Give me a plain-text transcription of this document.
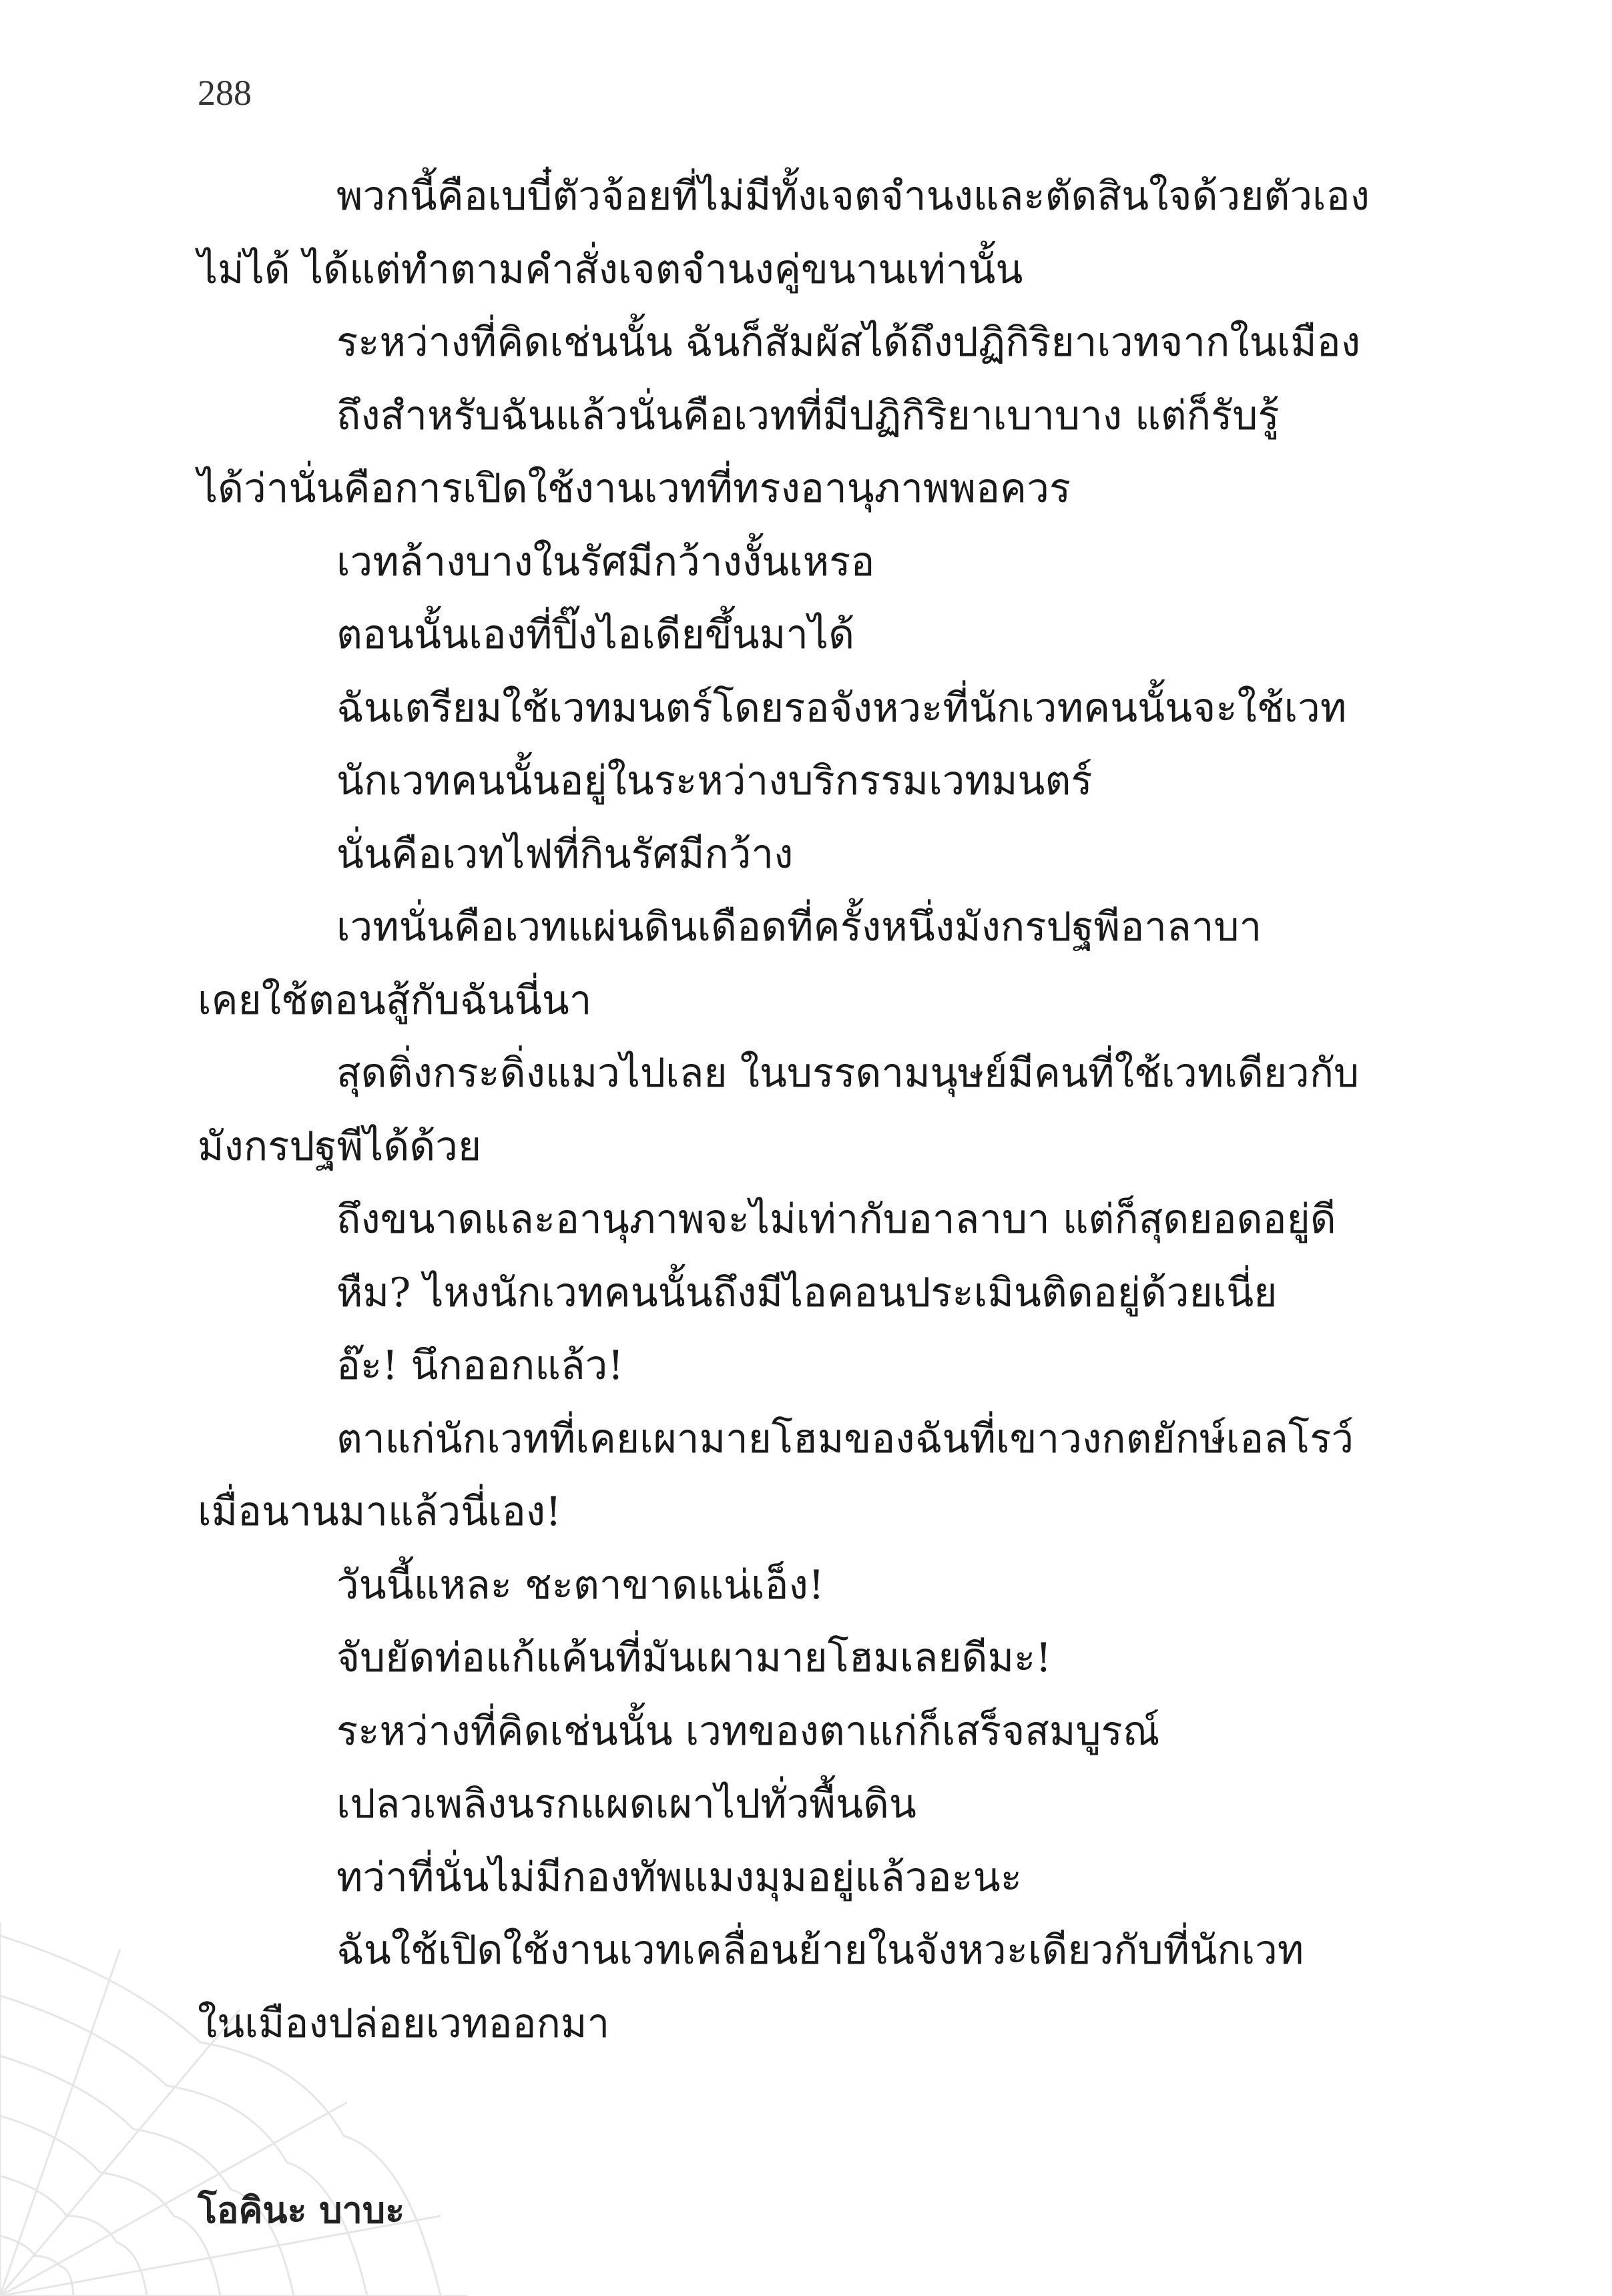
288
พวกนี้คือเบบี๋ตัวจ้อยที่ไม่มีทั้งเจตจำนงและตัดสินใจด้วยตัวเอง
ไม่ได้ ได้แต่ทำตามคำสั่งเจตจำนงคู่ขนานเท่านั้น
ระหว่างที่คิดเช่นนั้น ฉันก็สัมผัสได้ถึงปฏิกิริยาเวทจากในเมือง
ถึงสำหรับฉันแล้วนั่นคือเวทที่มีปฏิกิริยาเบาบาง แต่ก็รับรู้
ได้ว่านั่นคือการเปิดใช้งานเวทที่ทรงอานุภาพพอควร
เวทล้างบางในรัศมีกว้างงั้นเหรอ
ตอนนั้นเองที่ปิ๊งไอเดียขึ้นมาได้
ฉันเตรียมใช้เวทมนตร์โดยรอจังหวะที่นักเวทคนนั้นจะใช้เวท
นักเวทคนนั้นอยู่ในระหว่างบริกรรมเวทมนตร์
นั่นคือเวทไฟที่กินรัศมีกว้าง
เวทนั่นคือเวทแผ่นดินเดือดที่ครั้งหนึ่งมังกรปฐพีอาลาบา
เคยใช้ตอนสู้กับฉันนี่นา
สุดติ่งกระดิ่งแมวไปเลย ในบรรดามนุษย์มีคนที่ใช้เวทเดียวกับ
มังกรปฐพีได้ด้วย
ถึงขนาดและอานุภาพจะไม่เท่ากับอาลาบา แต่ก็สุดยอดอยู่ดี
หืม? ไหงนักเวทคนนั้นถึงมีไอคอนประเมินติดอยู่ด้วยเนี่ย
อ๊ะ! นึกออกแล้ว!
ตาแก่นักเวทที่เคยเผามายโฮมของฉันที่เขาวงกตยักษ์เอลโรว์
เมื่อนานมาแล้วนี่เอง!
วันนี้แหละ ชะตาขาดแน่เอ็ง!
จับยัดท่อแก้แค้นที่มันเผามายโฮมเลยดีมะ!
ระหว่างที่คิดเช่นนั้น เวทของตาแก่ก็เสร็จสมบูรณ์
เปลวเพลิงนรกแผดเผาไปทั่วพื้นดิน
ทว่าที่นั่นไม่มีกองทัพแมงมุมอยู่แล้วอะนะ
ฉันใช้เปิดใช้งานเวทเคลื่อนย้ายในจังหวะเดียวกับที่นักเวท
ในเมืองปล่อยเวทออกมา
โอคินะ บาบะ
